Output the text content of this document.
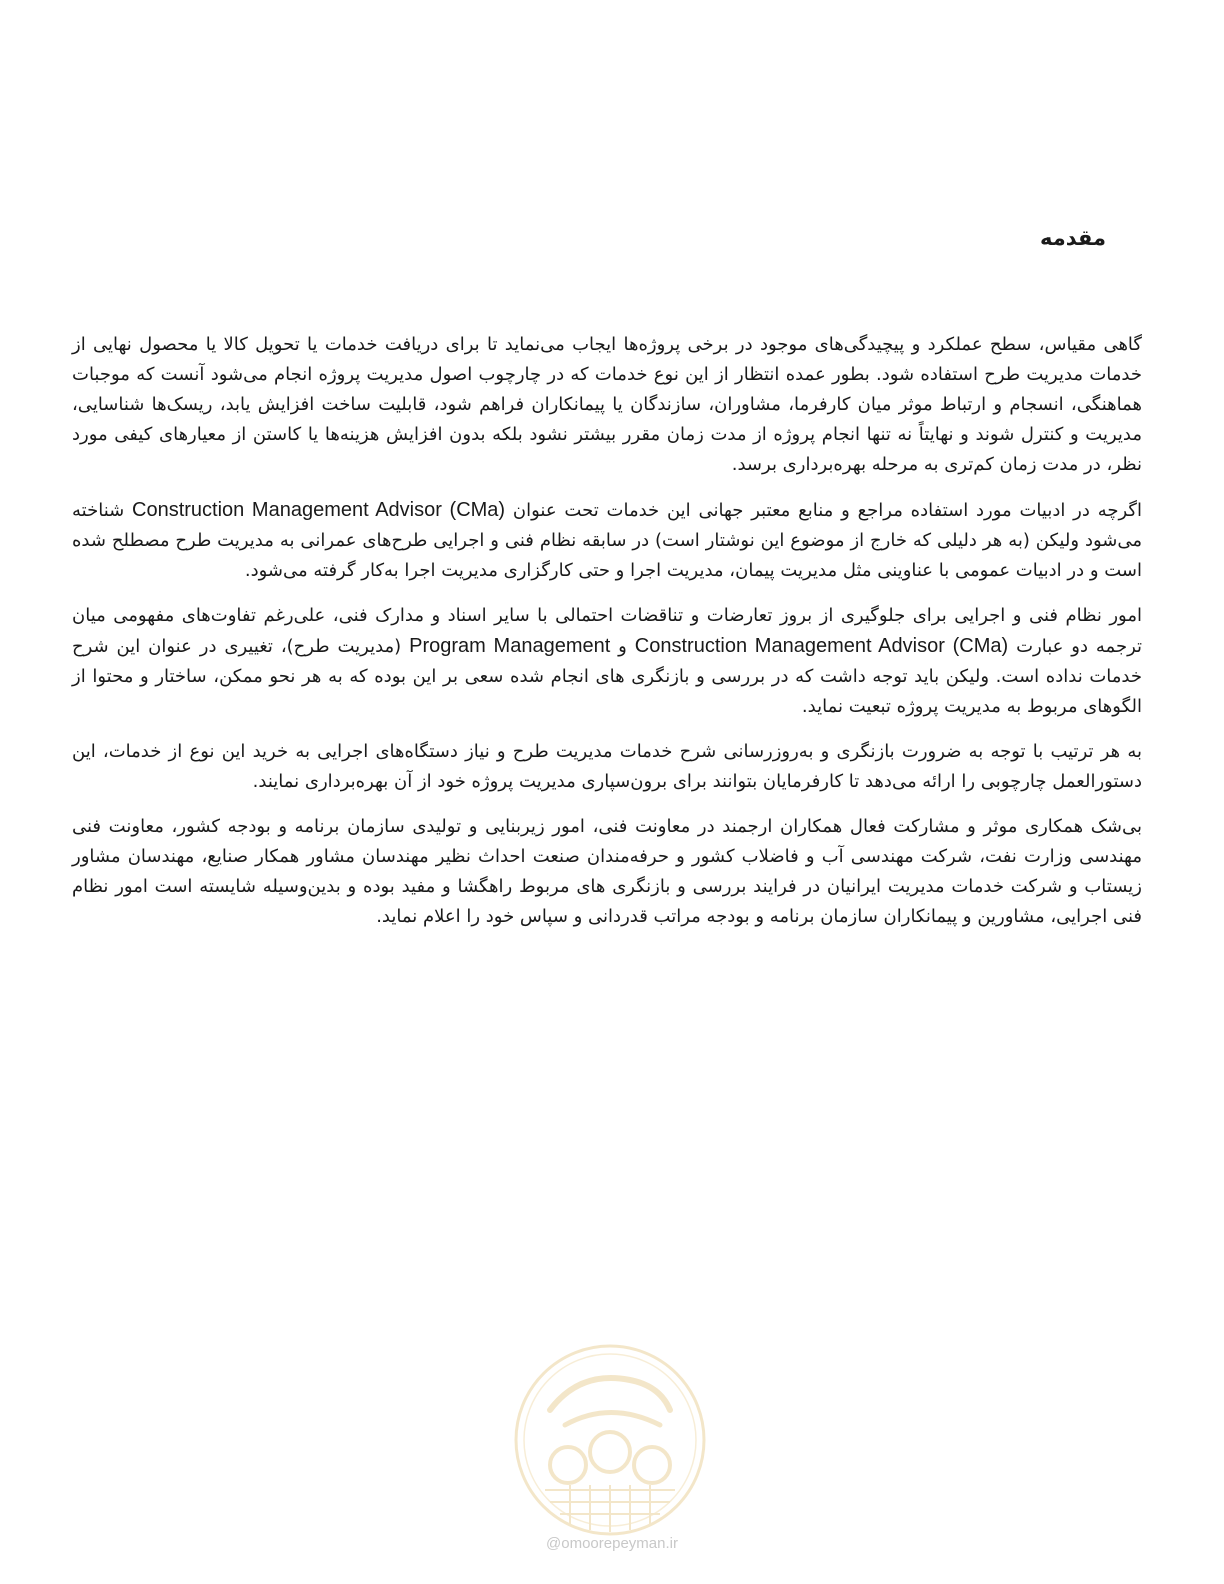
مقدمه

گاهی مقیاس، سطح عملکرد و پیچیدگی‌های موجود در برخی پروژه‌ها ایجاب می‌نماید تا برای دریافت خدمات یا تحویل کالا یا محصول نهایی از خدمات مدیریت طرح استفاده شود. بطور عمده انتظار از این نوع خدمات که در چارچوب اصول مدیریت پروژه انجام می‌شود آنست که موجبات هماهنگی، انسجام و ارتباط موثر میان کارفرما، مشاوران، سازندگان یا پیمانکاران فراهم شود، قابلیت ساخت افزایش یابد، ریسک‌ها شناسایی، مدیریت و کنترل شوند و نهایتاً نه تنها انجام پروژه از مدت زمان مقرر بیشتر نشود بلکه بدون افزایش هزینه‌ها یا کاستن از معیارهای کیفی مورد نظر، در مدت زمان کم‌تری به مرحله بهره‌برداری برسد.

اگرچه در ادبیات مورد استفاده مراجع و منابع معتبر جهانی این خدمات تحت عنوان Construction Management Advisor (CMa) شناخته می‌شود ولیکن (به هر دلیلی که خارج از موضوع این نوشتار است) در سابقه نظام فنی و اجرایی طرح‌های عمرانی به مدیریت طرح مصطلح شده است و در ادبیات عمومی با عناوینی مثل مدیریت پیمان، مدیریت اجرا و حتی کارگزاری مدیریت اجرا به‌کار گرفته می‌شود.

امور نظام فنی و اجرایی برای جلوگیری از بروز تعارضات و تناقضات احتمالی با سایر اسناد و مدارک فنی، علی‌رغم تفاوت‌های مفهومی میان ترجمه دو عبارت Construction Management Advisor (CMa) و Program Management (مدیریت طرح)، تغییری در عنوان این شرح خدمات نداده است. ولیکن باید توجه داشت که در بررسی و بازنگری های انجام شده سعی بر این بوده که به هر نحو ممکن، ساختار و محتوا از الگوهای مربوط به مدیریت پروژه تبعیت نماید.

به هر ترتیب با توجه به ضرورت بازنگری و به‌روزرسانی شرح خدمات مدیریت طرح و نیاز دستگاه‌های اجرایی به خرید این نوع از خدمات، این دستورالعمل چارچوبی را ارائه می‌دهد تا کارفرمایان بتوانند برای برون‌سپاری مدیریت پروژه خود از آن بهره‌برداری نمایند.

بی‌شک همکاری موثر و مشارکت فعال همکاران ارجمند در معاونت فنی، امور زیربنایی و تولیدی سازمان برنامه و بودجه کشور، معاونت فنی مهندسی وزارت نفت، شرکت مهندسی آب و فاضلاب کشور و حرفه‌مندان صنعت احداث نظیر مهندسان مشاور همکار صنایع، مهندسان مشاور زیستاب و شرکت خدمات مدیریت ایرانیان در فرایند بررسی و بازنگری های مربوط راهگشا و مفید بوده و بدین‌وسیله شایسته است امور نظام فنی اجرایی، مشاورین و پیمانکاران سازمان برنامه و بودجه مراتب قدردانی و سپاس خود را اعلام نماید.

@omoorepeyman.ir
